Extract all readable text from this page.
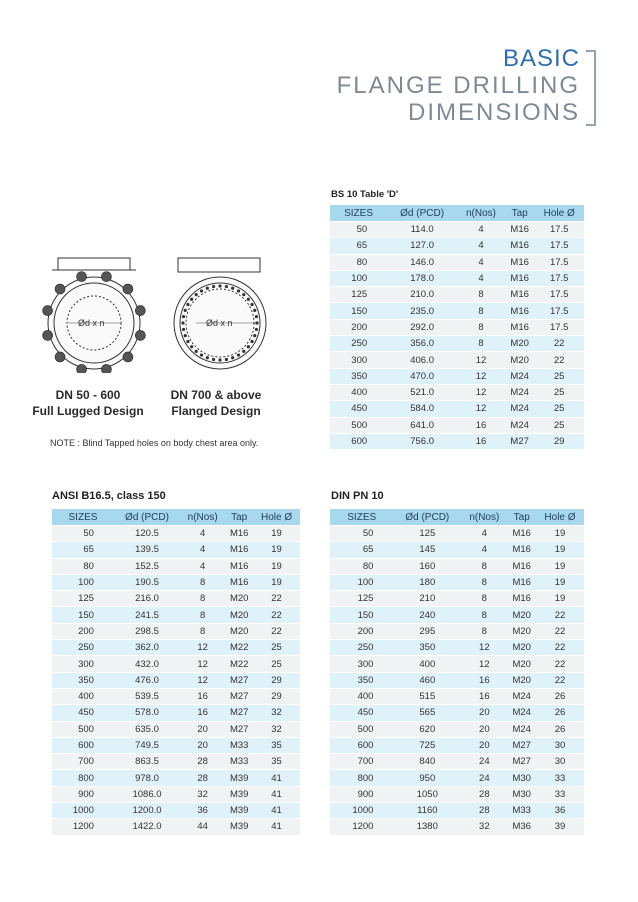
BASIC
FLANGE DRILLING
DIMENSIONS
Ød x n	Ød x n
DN 50 - 600
Full Lugged Design
DN 700 & above
Flanged Design
NOTE : Blind Tapped holes on body chest area only.
BS 10 Table 'D'
SIZES	Ød (PCD)	n(Nos)	Tap	Hole Ø
50	114.0	4	M16	17.5
65	127.0	4	M16	17.5
80	146.0	4	M16	17.5
100	178.0	4	M16	17.5
125	210.0	8	M16	17.5
150	235.0	8	M16	17.5
200	292.0	8	M16	17.5
250	356.0	8	M20	22
300	406.0	12	M20	22
350	470.0	12	M24	25
400	521.0	12	M24	25
450	584.0	12	M24	25
500	641.0	16	M24	25
600	756.0	16	M27	29
ANSI B16.5, class 150
SIZES	Ød (PCD)	n(Nos)	Tap	Hole Ø
50	120.5	4	M16	19
65	139.5	4	M16	19
80	152.5	4	M16	19
100	190.5	8	M16	19
125	216.0	8	M20	22
150	241.5	8	M20	22
200	298.5	8	M20	22
250	362.0	12	M22	25
300	432.0	12	M22	25
350	476.0	12	M27	29
400	539.5	16	M27	29
450	578.0	16	M27	32
500	635.0	20	M27	32
600	749.5	20	M33	35
700	863.5	28	M33	35
800	978.0	28	M39	41
900	1086.0	32	M39	41
1000	1200.0	36	M39	41
1200	1422.0	44	M39	41
DIN PN 10
SIZES	Ød (PCD)	n(Nos)	Tap	Hole Ø
50	125	4	M16	19
65	145	4	M16	19
80	160	8	M16	19
100	180	8	M16	19
125	210	8	M16	19
150	240	8	M20	22
200	295	8	M20	22
250	350	12	M20	22
300	400	12	M20	22
350	460	16	M20	22
400	515	16	M24	26
450	565	20	M24	26
500	620	20	M24	26
600	725	20	M27	30
700	840	24	M27	30
800	950	24	M30	33
900	1050	28	M30	33
1000	1160	28	M33	36
1200	1380	32	M36	39
